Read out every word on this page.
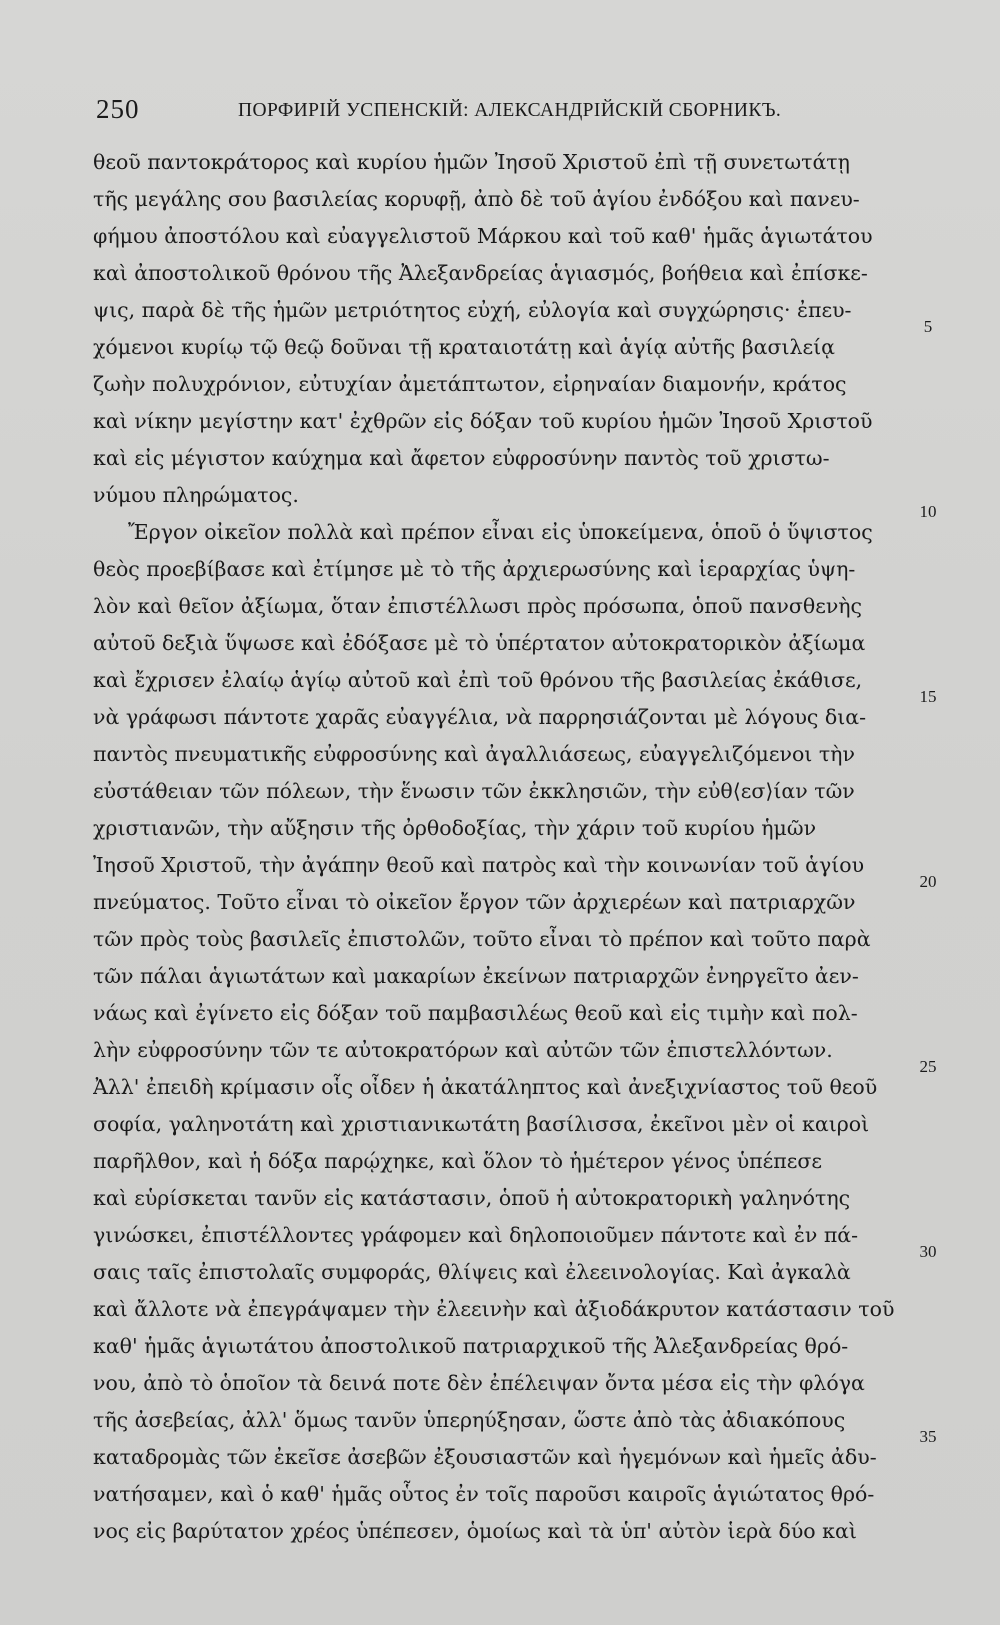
250	ПОРФИРIЙ УСПЕНСКIЙ: АЛЕКСАНДРIЙСКIЙ СБОРНИКЪ.
θεοῦ παντοκράτορος καὶ κυρίου ἡμῶν Ἰησοῦ Χριστοῦ ἐπὶ τῇ συνετωτάτῃ
τῆς μεγάλης σου βασιλείας κορυφῇ, ἀπὸ δὲ τοῦ ἁγίου ἐνδόξου καὶ πανευ-
φήμου ἀποστόλου καὶ εὐαγγελιστοῦ Μάρκου καὶ τοῦ καθ' ἡμᾶς ἁγιωτάτου
καὶ ἀποστολικοῦ θρόνου τῆς Ἀλεξανδρείας ἁγιασμός, βοήθεια καὶ ἐπίσκε-
ψις, παρὰ δὲ τῆς ἡμῶν μετριότητος εὐχή, εὐλογία καὶ συγχώρησις· ἐπευ-
χόμενοι κυρίῳ τῷ θεῷ δοῦναι τῇ κραταιοτάτῃ καὶ ἁγίᾳ αὐτῆς βασιλείᾳ
ζωὴν πολυχρόνιον, εὐτυχίαν ἀμετάπτωτον, εἰρηναίαν διαμονήν, κράτος
καὶ νίκην μεγίστην κατ' ἐχθρῶν εἰς δόξαν τοῦ κυρίου ἡμῶν Ἰησοῦ Χριστοῦ
καὶ εἰς μέγιστον καύχημα καὶ ἄφετον εὐφροσύνην παντὸς τοῦ χριστω-
νύμου πληρώματος.
Ἔργον οἰκεῖον πολλὰ καὶ πρέπον εἶναι εἰς ὑποκείμενα, ὁποῦ ὁ ὕψιστος
θεὸς προεβίβασε καὶ ἐτίμησε μὲ τὸ τῆς ἀρχιερωσύνης καὶ ἱεραρχίας ὑψη-
λὸν καὶ θεῖον ἀξίωμα, ὅταν ἐπιστέλλωσι πρὸς πρόσωπα, ὁποῦ πανσθενὴς
αὐτοῦ δεξιὰ ὕψωσε καὶ ἐδόξασε μὲ τὸ ὑπέρτατον αὐτοκρατορικὸν ἀξίωμα
καὶ ἔχρισεν ἐλαίῳ ἁγίῳ αὐτοῦ καὶ ἐπὶ τοῦ θρόνου τῆς βασιλείας ἐκάθισε,
νὰ γράφωσι πάντοτε χαρᾶς εὐαγγέλια, νὰ παρρησιάζονται μὲ λόγους δια-
παντὸς πνευματικῆς εὐφροσύνης καὶ ἀγαλλιάσεως, εὐαγγελιζόμενοι τὴν
εὐστάθειαν τῶν πόλεων, τὴν ἕνωσιν τῶν ἐκκλησιῶν, τὴν εὐθ⟨εσ⟩ίαν τῶν
χριστιανῶν, τὴν αὔξησιν τῆς ὀρθοδοξίας, τὴν χάριν τοῦ κυρίου ἡμῶν
Ἰησοῦ Χριστοῦ, τὴν ἀγάπην θεοῦ καὶ πατρὸς καὶ τὴν κοινωνίαν τοῦ ἁγίου
πνεύματος. Τοῦτο εἶναι τὸ οἰκεῖον ἔργον τῶν ἀρχιερέων καὶ πατριαρχῶν
τῶν πρὸς τοὺς βασιλεῖς ἐπιστολῶν, τοῦτο εἶναι τὸ πρέπον καὶ τοῦτο παρὰ
τῶν πάλαι ἁγιωτάτων καὶ μακαρίων ἐκείνων πατριαρχῶν ἐνηργεῖτο ἀεν-
νάως καὶ ἐγίνετο εἰς δόξαν τοῦ παμβασιλέως θεοῦ καὶ εἰς τιμὴν καὶ πολ-
λὴν εὐφροσύνην τῶν τε αὐτοκρατόρων καὶ αὐτῶν τῶν ἐπιστελλόντων.
Ἀλλ' ἐπειδὴ κρίμασιν οἷς οἶδεν ἡ ἀκατάληπτος καὶ ἀνεξιχνίαστος τοῦ θεοῦ
σοφία, γαληνοτάτη καὶ χριστιανικωτάτη βασίλισσα, ἐκεῖνοι μὲν οἱ καιροὶ
παρῆλθον, καὶ ἡ δόξα παρῴχηκε, καὶ ὅλον τὸ ἡμέτερον γένος ὑπέπεσε
καὶ εὑρίσκεται τανῦν εἰς κατάστασιν, ὁποῦ ἡ αὐτοκρατορικὴ γαληνότης
γινώσκει, ἐπιστέλλοντες γράφομεν καὶ δηλοποιοῦμεν πάντοτε καὶ ἐν πά-
σαις ταῖς ἐπιστολαῖς συμφοράς, θλίψεις καὶ ἐλεεινολογίας. Καὶ ἀγκαλὰ
καὶ ἄλλοτε νὰ ἐπεγράψαμεν τὴν ἐλεεινὴν καὶ ἀξιοδάκρυτον κατάστασιν τοῦ
καθ' ἡμᾶς ἁγιωτάτου ἀποστολικοῦ πατριαρχικοῦ τῆς Ἀλεξανδρείας θρό-
νου, ἀπὸ τὸ ὁποῖον τὰ δεινά ποτε δὲν ἐπέλειψαν ὄντα μέσα εἰς τὴν φλόγα
τῆς ἀσεβείας, ἀλλ' ὅμως τανῦν ὑπερηύξησαν, ὥστε ἀπὸ τὰς ἀδιακόπους
καταδρομὰς τῶν ἐκεῖσε ἀσεβῶν ἐξουσιαστῶν καὶ ἡγεμόνων καὶ ἡμεῖς ἀδυ-
νατήσαμεν, καὶ ὁ καθ' ἡμᾶς οὗτος ἐν τοῖς παροῦσι καιροῖς ἁγιώτατος θρό-
νος εἰς βαρύτατον χρέος ὑπέπεσεν, ὁμοίως καὶ τὰ ὑπ' αὐτὸν ἱερὰ δύο καὶ
5
10
15
20
25
30
35
